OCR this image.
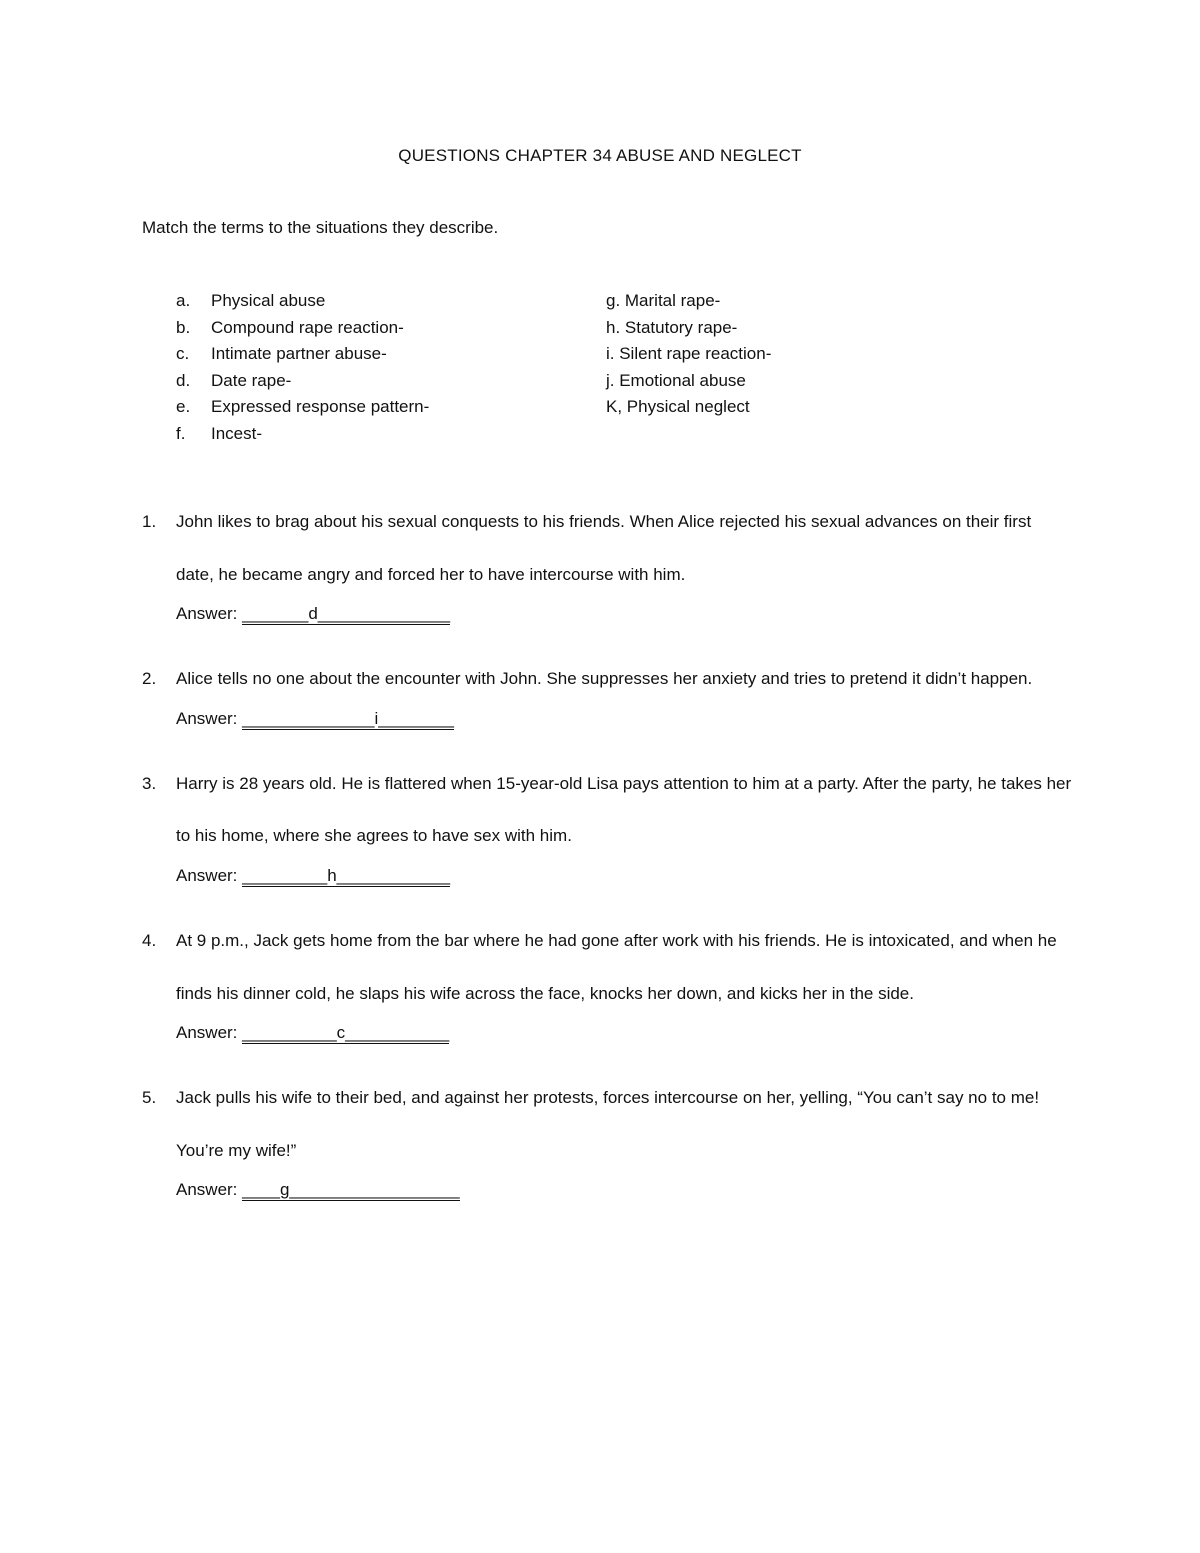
QUESTIONS CHAPTER 34 ABUSE AND NEGLECT
Match the terms to the situations they describe.
a.	Physical abuse
b.	Compound rape reaction-
c.	Intimate partner abuse-
d.	Date rape-
e.	Expressed response pattern-
f.	Incest-
g. Marital rape-
h. Statutory rape-
i. Silent rape reaction-
j. Emotional abuse
K, Physical neglect
1. John likes to brag about his sexual conquests to his friends. When Alice rejected his sexual advances on their first date, he became angry and forced her to have intercourse with him.

Answer: _______d______________
2. Alice tells no one about the encounter with John. She suppresses her anxiety and tries to pretend it didn’t happen.

Answer: ______________i________
3. Harry is 28 years old. He is flattered when 15-year-old Lisa pays attention to him at a party. After the party, he takes her to his home, where she agrees to have sex with him.

Answer: _________h____________
4. At 9 p.m., Jack gets home from the bar where he had gone after work with his friends. He is intoxicated, and when he finds his dinner cold, he slaps his wife across the face, knocks her down, and kicks her in the side.

Answer: __________c___________
5. Jack pulls his wife to their bed, and against her protests, forces intercourse on her, yelling, “You can’t say no to me! You’re my wife!”

Answer: ____g__________________
